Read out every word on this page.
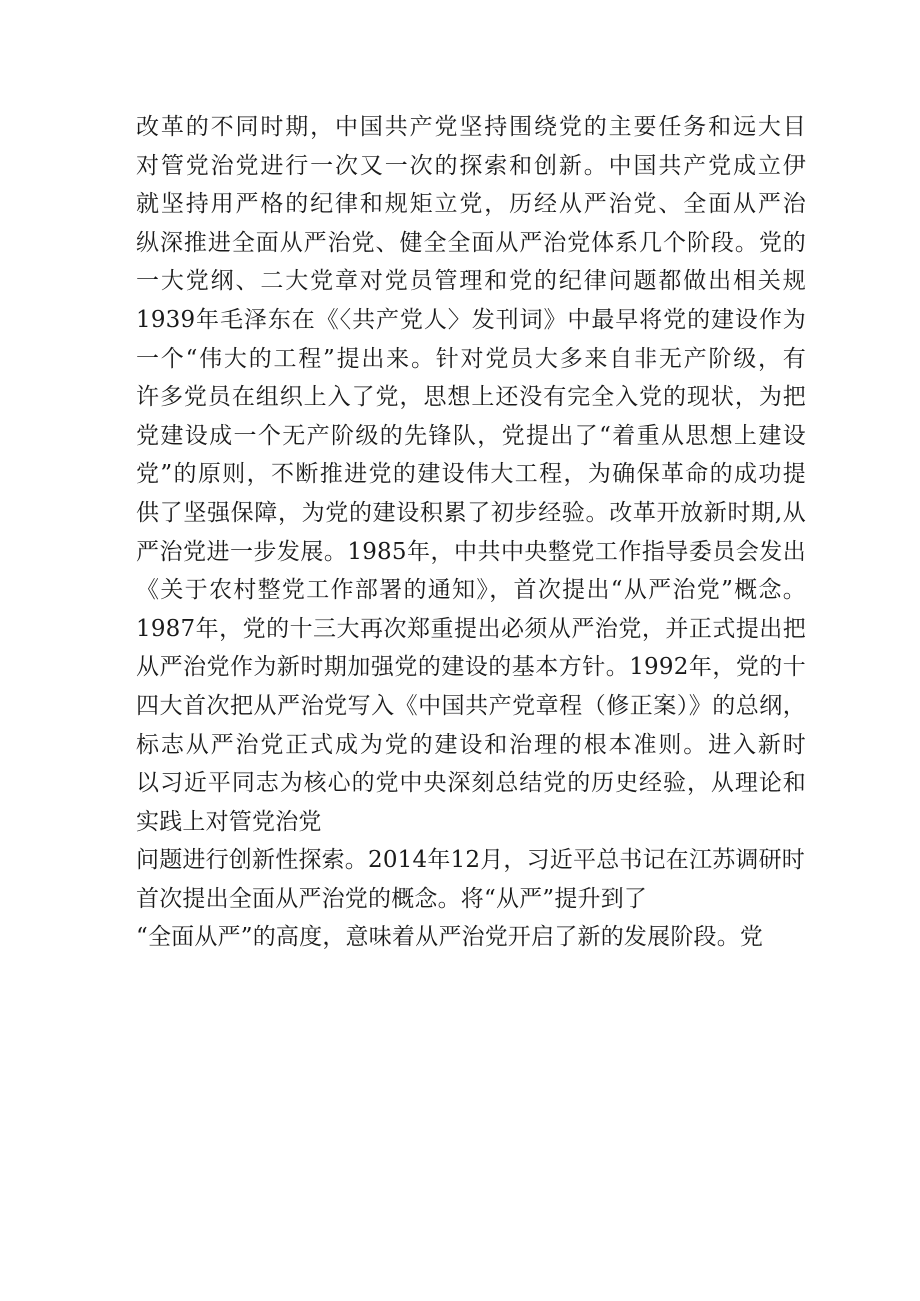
改革的不同时期，中国共产党坚持围绕党的主要任务和远大目
对管党治党进行一次又一次的探索和创新。中国共产党成立伊
就坚持用严格的纪律和规矩立党，历经从严治党、全面从严治
纵深推进全面从严治党、健全全面从严治党体系几个阶段。党的
一大党纲、二大党章对党员管理和党的纪律问题都做出相关规
1939年毛泽东在《〈共产党人〉发刊词》中最早将党的建设作为
一个“伟大的工程”提出来。针对党员大多来自非无产阶级，有
许多党员在组织上入了党，思想上还没有完全入党的现状，为把
党建设成一个无产阶级的先锋队，党提出了“着重从思想上建设
党”的原则，不断推进党的建设伟大工程，为确保革命的成功提
供了坚强保障，为党的建设积累了初步经验。改革开放新时期,从
严治党进一步发展。1985年，中共中央整党工作指导委员会发出
《关于农村整党工作部署的通知》，首次提出“从严治党”概念。
1987年，党的十三大再次郑重提出必须从严治党，并正式提出把
从严治党作为新时期加强党的建设的基本方针。1992年，党的十
四大首次把从严治党写入《中国共产党章程（修正案）》的总纲，
标志从严治党正式成为党的建设和治理的根本准则。进入新时
以习近平同志为核心的党中央深刻总结党的历史经验，从理论和
实践上对管党治党
问题进行创新性探索。2014年12月，习近平总书记在江苏调研时
首次提出全面从严治党的概念。将“从严”提升到了
“全面从严”的高度，意味着从严治党开启了新的发展阶段。党
